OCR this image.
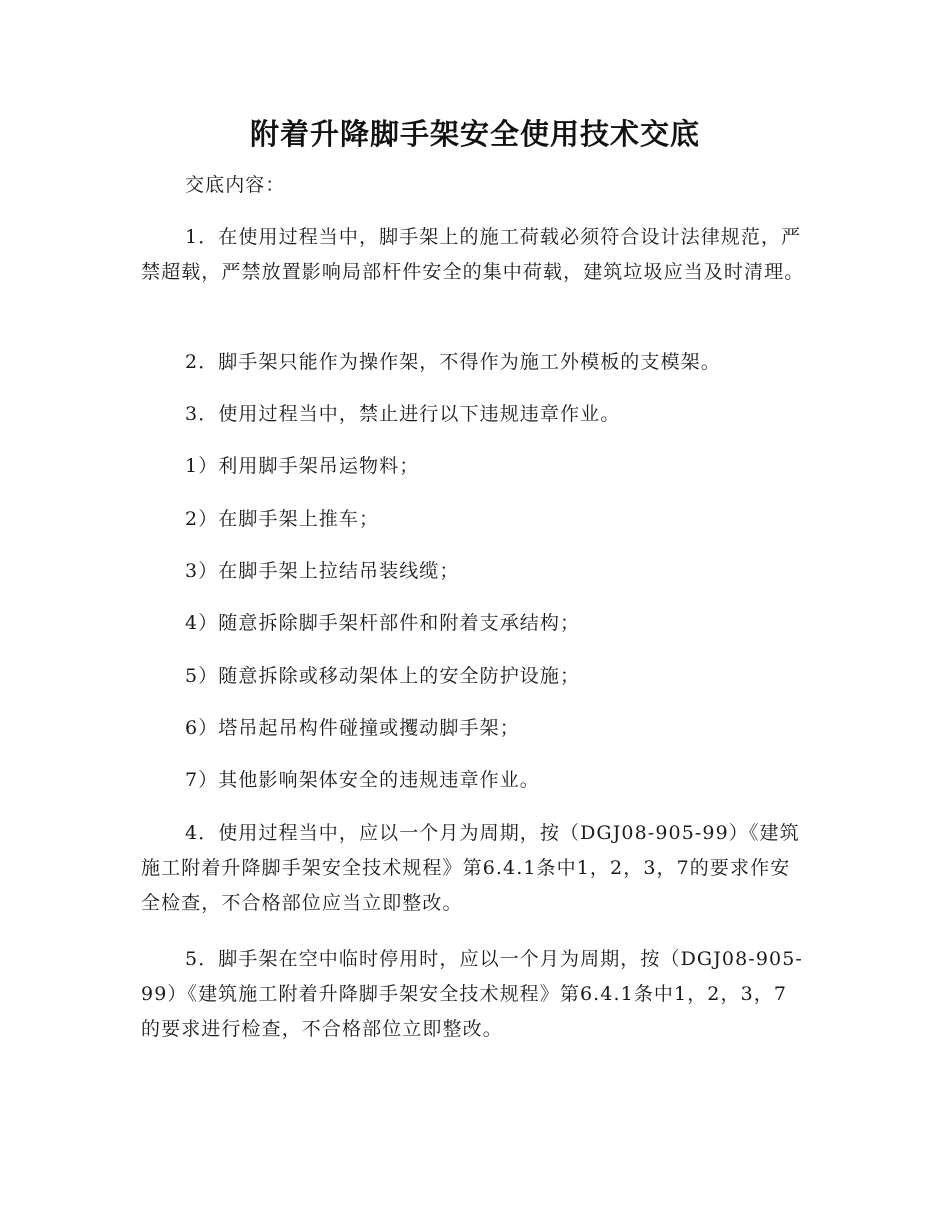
附着升降脚手架安全使用技术交底

交底内容：

1．在使用过程当中，脚手架上的施工荷载必须符合设计法律规范，严禁超载，严禁放置影响局部杆件安全的集中荷载，建筑垃圾应当及时清理。

2．脚手架只能作为操作架，不得作为施工外模板的支模架。

3．使用过程当中，禁止进行以下违规违章作业。

1）利用脚手架吊运物料；

2）在脚手架上推车；

3）在脚手架上拉结吊装线缆；

4）随意拆除脚手架杆部件和附着支承结构；

5）随意拆除或移动架体上的安全防护设施；

6）塔吊起吊构件碰撞或攫动脚手架；

7）其他影响架体安全的违规违章作业。

4．使用过程当中，应以一个月为周期，按（DGJ08-905-99）《建筑施工附着升降脚手架安全技术规程》第6.4.1条中1，2，3，7的要求作安全检查，不合格部位应当立即整改。

5．脚手架在空中临时停用时，应以一个月为周期，按（DGJ08-905-99）《建筑施工附着升降脚手架安全技术规程》第6.4.1条中1，2，3，7的要求进行检查，不合格部位立即整改。
